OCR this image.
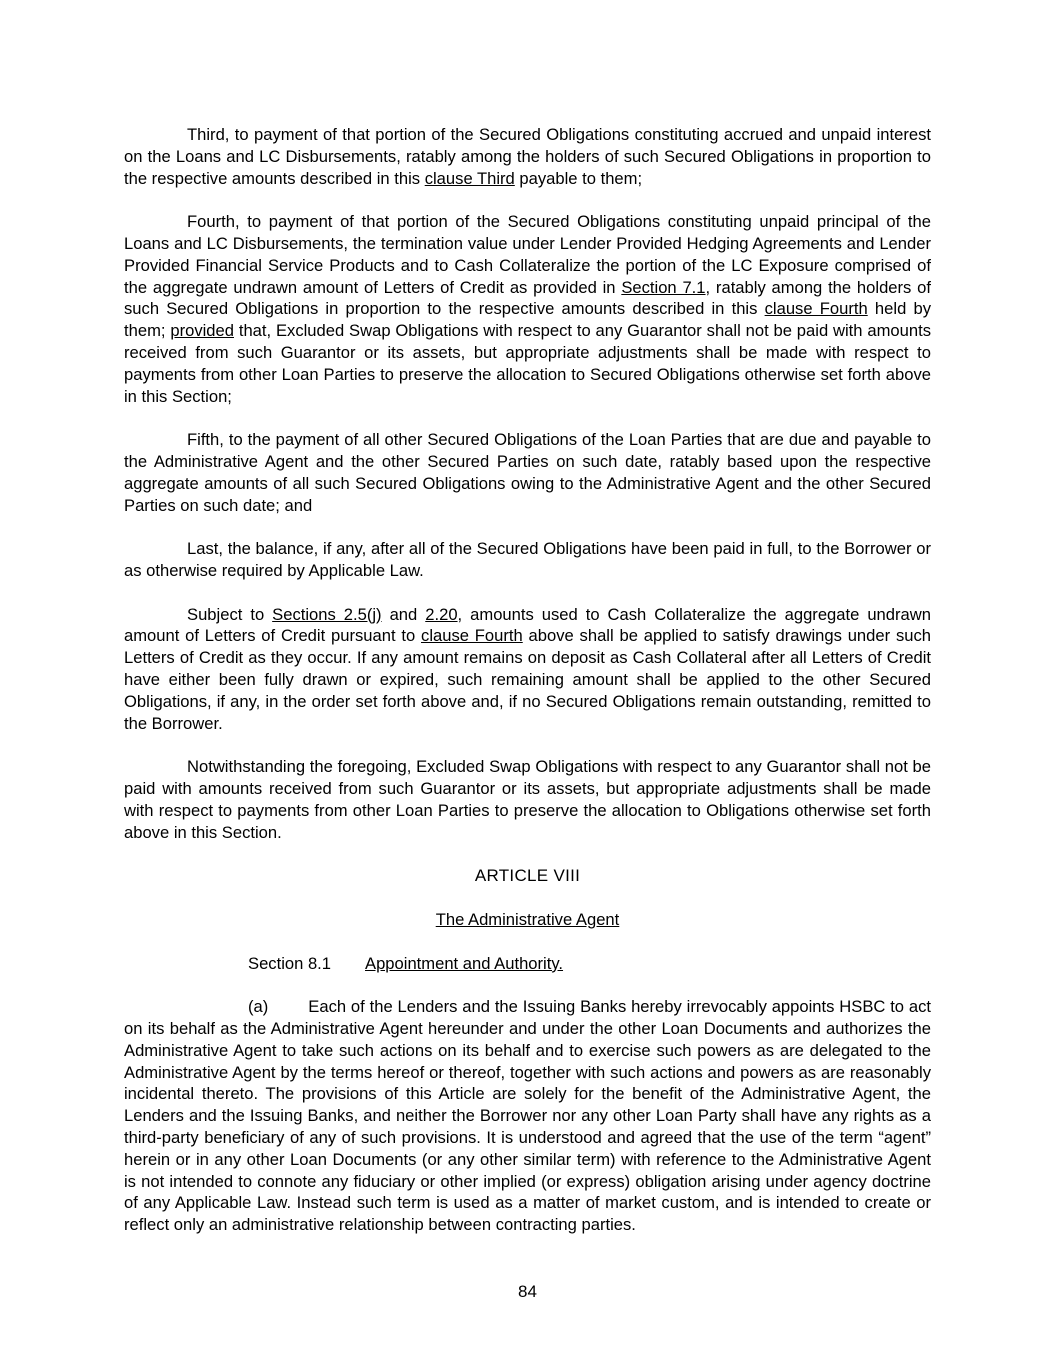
Third, to payment of that portion of the Secured Obligations constituting accrued and unpaid interest on the Loans and LC Disbursements, ratably among the holders of such Secured Obligations in proportion to the respective amounts described in this clause Third payable to them;

Fourth, to payment of that portion of the Secured Obligations constituting unpaid principal of the Loans and LC Disbursements, the termination value under Lender Provided Hedging Agreements and Lender Provided Financial Service Products and to Cash Collateralize the portion of the LC Exposure comprised of the aggregate undrawn amount of Letters of Credit as provided in Section 7.1, ratably among the holders of such Secured Obligations in proportion to the respective amounts described in this clause Fourth held by them; provided that, Excluded Swap Obligations with respect to any Guarantor shall not be paid with amounts received from such Guarantor or its assets, but appropriate adjustments shall be made with respect to payments from other Loan Parties to preserve the allocation to Secured Obligations otherwise set forth above in this Section;

Fifth, to the payment of all other Secured Obligations of the Loan Parties that are due and payable to the Administrative Agent and the other Secured Parties on such date, ratably based upon the respective aggregate amounts of all such Secured Obligations owing to the Administrative Agent and the other Secured Parties on such date; and

Last, the balance, if any, after all of the Secured Obligations have been paid in full, to the Borrower or as otherwise required by Applicable Law.

Subject to Sections 2.5(j) and 2.20, amounts used to Cash Collateralize the aggregate undrawn amount of Letters of Credit pursuant to clause Fourth above shall be applied to satisfy drawings under such Letters of Credit as they occur. If any amount remains on deposit as Cash Collateral after all Letters of Credit have either been fully drawn or expired, such remaining amount shall be applied to the other Secured Obligations, if any, in the order set forth above and, if no Secured Obligations remain outstanding, remitted to the Borrower.

Notwithstanding the foregoing, Excluded Swap Obligations with respect to any Guarantor shall not be paid with amounts received from such Guarantor or its assets, but appropriate adjustments shall be made with respect to payments from other Loan Parties to preserve the allocation to Obligations otherwise set forth above in this Section.

ARTICLE VIII
The Administrative Agent
Section 8.1 Appointment and Authority.

(a) Each of the Lenders and the Issuing Banks hereby irrevocably appoints HSBC to act on its behalf as the Administrative Agent hereunder and under the other Loan Documents and authorizes the Administrative Agent to take such actions on its behalf and to exercise such powers as are delegated to the Administrative Agent by the terms hereof or thereof, together with such actions and powers as are reasonably incidental thereto. The provisions of this Article are solely for the benefit of the Administrative Agent, the Lenders and the Issuing Banks, and neither the Borrower nor any other Loan Party shall have any rights as a third-party beneficiary of any of such provisions. It is understood and agreed that the use of the term “agent” herein or in any other Loan Documents (or any other similar term) with reference to the Administrative Agent is not intended to connote any fiduciary or other implied (or express) obligation arising under agency doctrine of any Applicable Law. Instead such term is used as a matter of market custom, and is intended to create or reflect only an administrative relationship between contracting parties.

84
